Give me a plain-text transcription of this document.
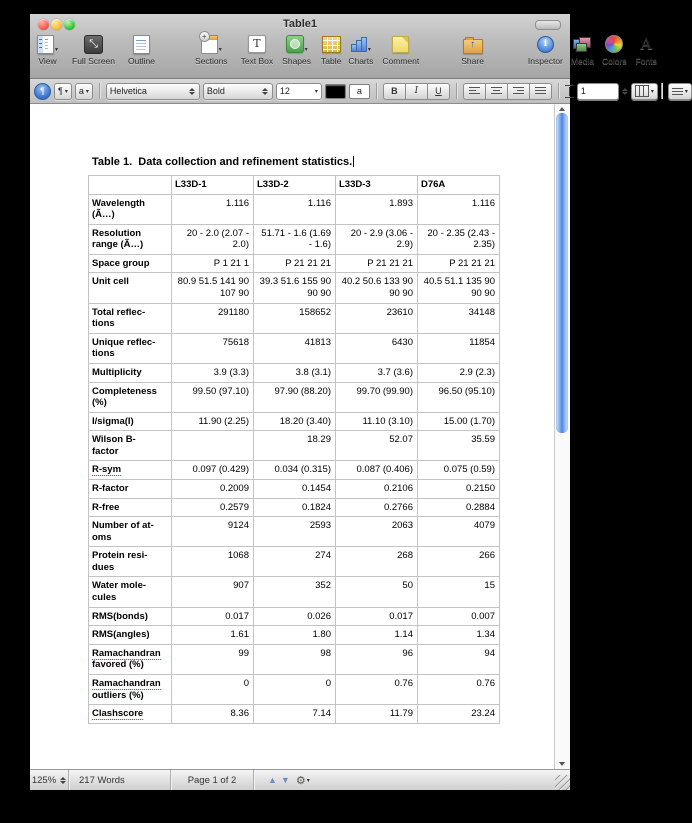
Table1
▾
View
⤡
Full Screen Outline
+
▾
Sections
T
Text Box
▾
Shapes Table
▾
Charts Comment
↑	Share
i
Inspector Media Colors
A
Fonts
¶	¶ ▾ a ▾ Helvetica	Bold	12	▾	a	B	I	U	1	▾	▾

Table 1.  Data collection and refinement statistics.

	L33D-1	L33D-2	L33D-3	D76A
Wavelength
(Ã…)	1.116	1.116	1.893	1.116
Resolution
range (Ã…)	20 - 2.0 (2.07 - 2.0)	51.71 - 1.6 (1.69 - 1.6)	20 - 2.9 (3.06 - 2.9)	20 - 2.35 (2.43 - 2.35)
Space group	P 1 21 1	P 21 21 21	P 21 21 21	P 21 21 21
Unit cell	80.9 51.5 141 90 107 90	39.3 51.6 155 90 90 90	40.2 50.6 133 90 90 90	40.5 51.1 135 90 90 90
Total reflec-
tions	291180	158652	23610	34148
Unique reflec-
tions	75618	41813	6430	11854
Multiplicity	3.9 (3.3)	3.8 (3.1)	3.7 (3.6)	2.9 (2.3)
Completeness
(%)	99.50 (97.10)	97.90 (88.20)	99.70 (99.90)	96.50 (95.10)
I/sigma(I)	11.90 (2.25)	18.20 (3.40)	11.10 (3.10)	15.00 (1.70)
Wilson B-
factor		18.29	52.07	35.59
R-sym	0.097 (0.429)	0.034 (0.315)	0.087 (0.406)	0.075 (0.59)
R-factor	0.2009	0.1454	0.2106	0.2150
R-free	0.2579	0.1824	0.2766	0.2884
Number of at-
oms	9124	2593	2063	4079
Protein resi-
dues	1068	274	268	266
Water mole-
cules	907	352	50	15
RMS(bonds)	0.017	0.026	0.017	0.007
RMS(angles)	1.61	1.80	1.14	1.34
Ramachandran
favored (%)	99	98	96	94
Ramachandran
outliers (%)	0	0	0.76	0.76
Clashscore	8.36	7.14	11.79	23.24
125%	217 Words	Page 1 of 2	▲ ▼ ⚙ ▾
